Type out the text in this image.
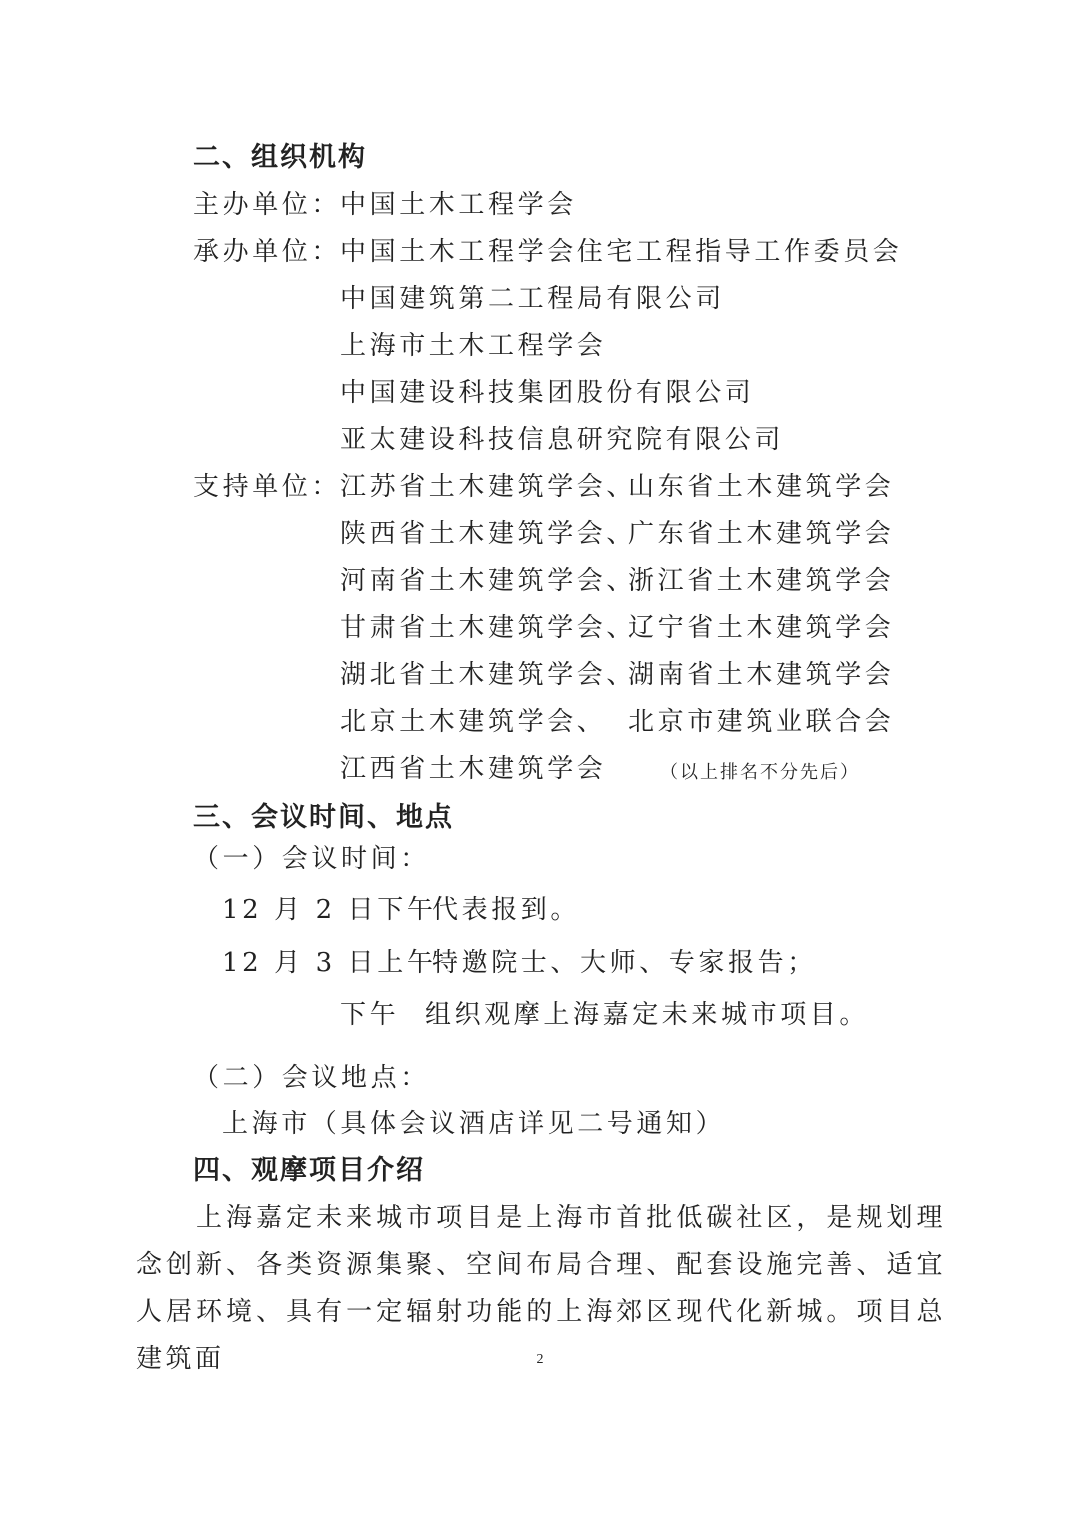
二、组织机构
主办单位：
中国土木工程学会
承办单位：
中国土木工程学会住宅工程指导工作委员会
中国建筑第二工程局有限公司
上海市土木工程学会
中国建设科技集团股份有限公司
亚太建设科技信息研究院有限公司
支持单位：
江苏省土木建筑学会、
山东省土木建筑学会
陕西省土木建筑学会、
广东省土木建筑学会
河南省土木建筑学会、
浙江省土木建筑学会
甘肃省土木建筑学会、
辽宁省土木建筑学会
湖北省土木建筑学会、
湖南省土木建筑学会
北京土木建筑学会、 北京市建筑业联合会
江西省土木建筑学会	（以上排名不分先后）
三、会议时间、地点
（一）会议时间：
12 月 2 日下午
代表报到。
12 月 3 日上午
特邀院士、大师、专家报告；
下午 组织观摩上海嘉定未来城市项目。
（二）会议地点：
上海市（具体会议酒店详见二号通知）
四、观摩项目介绍
上海嘉定未来城市项目是上海市首批低碳社区，是规划理念创新、各类资源集聚、空间布局合理、配套设施完善、适宜人居环境、具有一定辐射功能的上海郊区现代化新城。项目总建筑面	2
